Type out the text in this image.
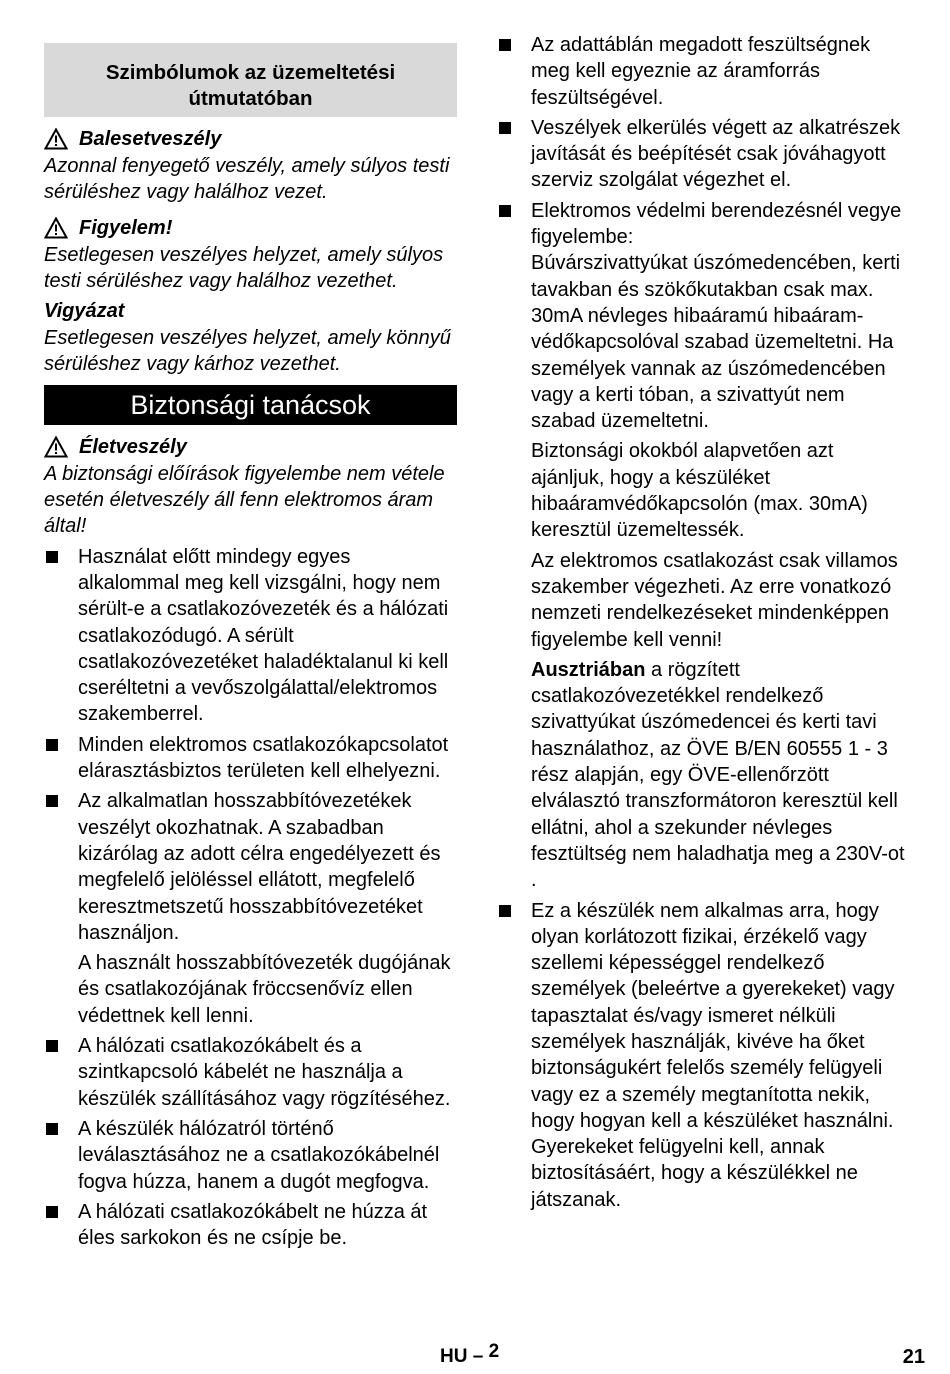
Szimbólumok az üzemeltetési útmutatóban
Balesetveszély
Azonnal fenyegető veszély, amely súlyos testi sérüléshez vagy halálhoz vezet.
Figyelem!
Esetlegesen veszélyes helyzet, amely súlyos testi sérüléshez vagy halálhoz vezethet.
Vigyázat
Esetlegesen veszélyes helyzet, amely könnyű sérüléshez vagy kárhoz vezethet.
Biztonsági tanácsok
Életveszély
A biztonsági előírások figyelembe nem vétele esetén életveszély áll fenn elektromos áram által!

Használat előtt mindegy egyes alkalommal meg kell vizsgálni, hogy nem sérült-e a csatlakozóvezeték és a hálózati csatlakozódugó. A sérült csatlakozóvezetéket haladéktalanul ki kell cseréltetni a vevőszolgálattal/elektromos szakemberrel.

Minden elektromos csatlakozókapcsolatot elárasztásbiztos területen kell elhelyezni.

Az alkalmatlan hosszabbítóvezetékek veszélyt okozhatnak. A szabadban kizárólag az adott célra engedélyezett és megfelelő jelöléssel ellátott, megfelelő keresztmetszetű hosszabbítóvezetéket használjon.

A használt hosszabbítóvezeték dugójának és csatlakozójának fröccsenővíz ellen védettnek kell lenni.

A hálózati csatlakozókábelt és a szintkapcsoló kábelét ne használja a készülék szállításához vagy rögzítéséhez.

A készülék hálózatról történő leválasztásához ne a csatlakozókábelnél fogva húzza, hanem a dugót megfogva.

A hálózati csatlakozókábelt ne húzza át éles sarkokon és ne csípje be.

Az adattáblán megadott feszültségnek meg kell egyeznie az áramforrás feszültségével.

Veszélyek elkerülés végett az alkatrészek javítását és beépítését csak jóváhagyott szerviz szolgálat végezhet el.

Elektromos védelmi berendezésnél vegye figyelembe:

Búvárszivattyúkat úszómedencében, kerti tavakban és szökőkutakban csak max. 30mA névleges hibaáramú hibaáram- védőkapcsolóval szabad üzemeltetni. Ha személyek vannak az úszómedencében vagy a kerti tóban, a szivattyút nem szabad üzemeltetni.

Biztonsági okokból alapvetően azt ajánljuk, hogy a készüléket hibaáramvédőkapcsolón (max. 30mA) keresztül üzemeltessék.

Az elektromos csatlakozást csak villamos szakember végezheti. Az erre vonatkozó nemzeti rendelkezéseket mindenképpen figyelembe kell venni!

Ausztriában a rögzített csatlakozóvezetékkel rendelkező szivattyúkat úszómedencei és kerti tavi használathoz, az ÖVE B/EN 60555 1 - 3 rész alapján, egy ÖVE-ellenőrzött elválasztó transzformátoron keresztül kell ellátni, ahol a szekunder névleges fesztültség nem haladhatja meg a 230V-ot .

Ez a készülék nem alkalmas arra, hogy olyan korlátozott fizikai, érzékelő vagy szellemi képességgel rendelkező személyek (beleértve a gyerekeket) vagy tapasztalat és/vagy ismeret nélküli személyek használják, kivéve ha őket biztonságukért felelős személy felügyeli vagy ez a személy megtanította nekik, hogy hogyan kell a készüléket használni. Gyerekeket felügyelni kell, annak biztosításáért, hogy a készülékkel ne játszanak.

HU – 2	21
